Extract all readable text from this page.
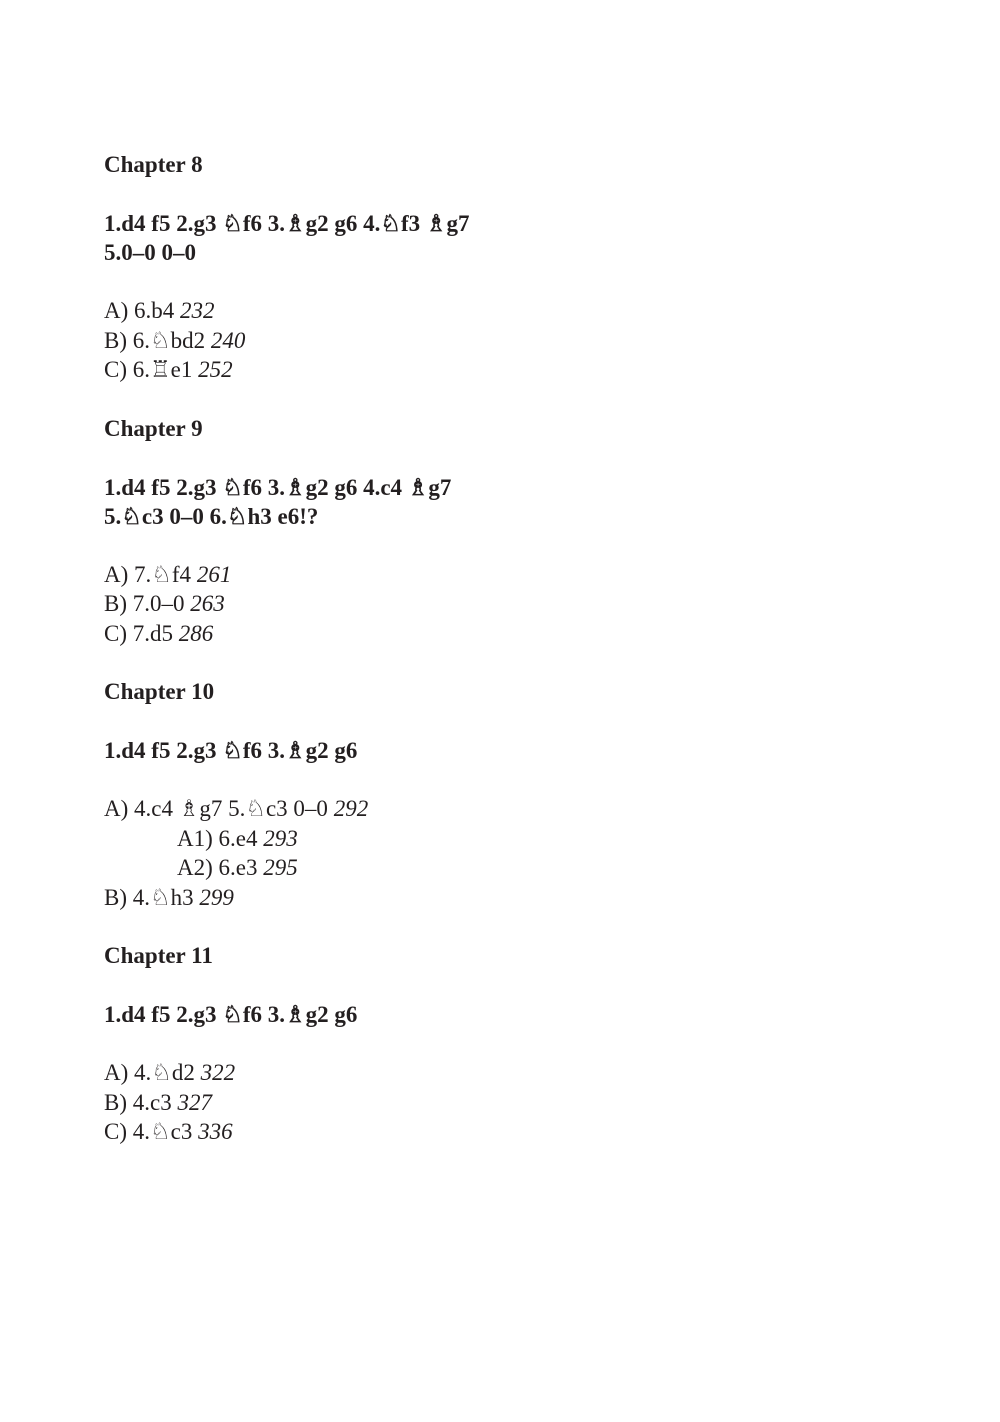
Chapter 8
1.d4 f5 2.g3 ♘f6 3.♗g2 g6 4.♘f3 ♗g7
5.0–0 0–0
A) 6.b4 232
B) 6.♘bd2 240
C) 6.♖e1 252
Chapter 9
1.d4 f5 2.g3 ♘f6 3.♗g2 g6 4.c4 ♗g7
5.♘c3 0–0 6.♘h3 e6!?
A) 7.♘f4 261
B) 7.0–0 263
C) 7.d5 286
Chapter 10
1.d4 f5 2.g3 ♘f6 3.♗g2 g6
A) 4.c4 ♗g7 5.♘c3 0–0 292
A1) 6.e4 293
A2) 6.e3 295
B) 4.♘h3 299
Chapter 11
1.d4 f5 2.g3 ♘f6 3.♗g2 g6
A) 4.♘d2 322
B) 4.c3 327
C) 4.♘c3 336
